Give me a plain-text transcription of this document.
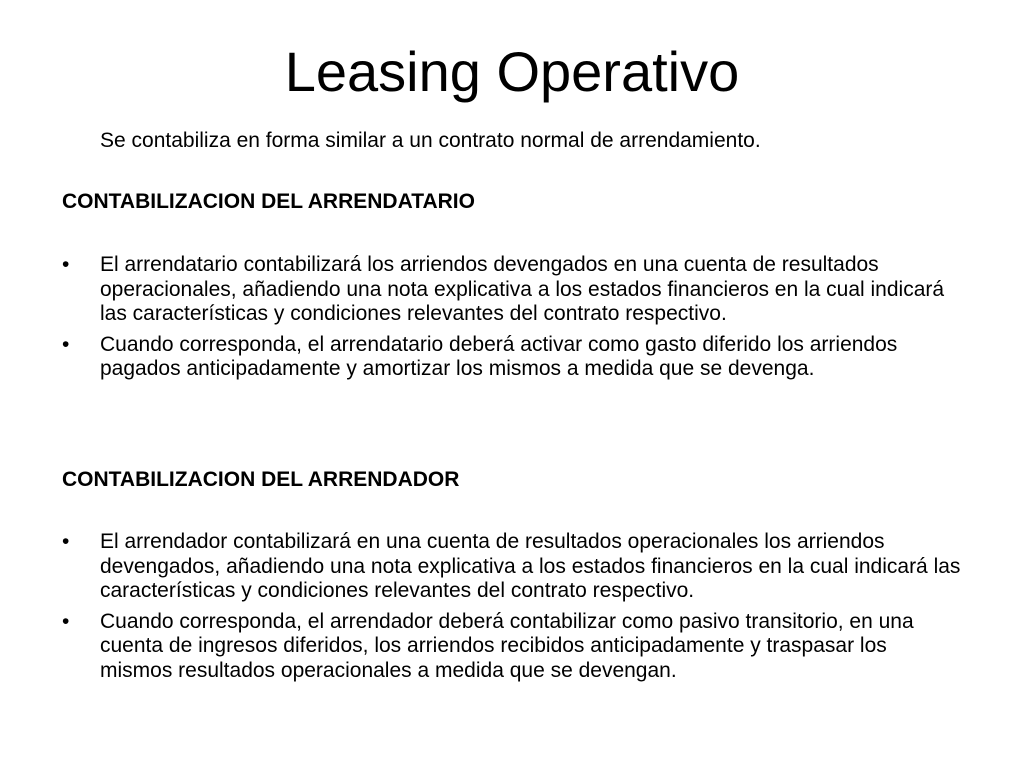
Leasing Operativo

Se contabiliza en forma similar a un contrato normal de arrendamiento.

CONTABILIZACION DEL ARRENDATARIO

•	El arrendatario contabilizará los arriendos devengados en una cuenta de resultados operacionales, añadiendo una nota explicativa a los estados financieros en la cual indicará las características y condiciones relevantes del contrato respectivo.
•	Cuando corresponda, el arrendatario deberá activar como gasto diferido los arriendos pagados anticipadamente y amortizar los mismos a medida que se devenga.

CONTABILIZACION DEL ARRENDADOR

•	El arrendador contabilizará en una cuenta de resultados operacionales los arriendos devengados, añadiendo una nota explicativa a los estados financieros en la cual indicará las características y condiciones relevantes del contrato respectivo.
•	Cuando corresponda, el arrendador deberá contabilizar como pasivo transitorio, en una cuenta de ingresos diferidos, los arriendos recibidos anticipadamente y traspasar los mismos resultados operacionales a medida que se devengan.
